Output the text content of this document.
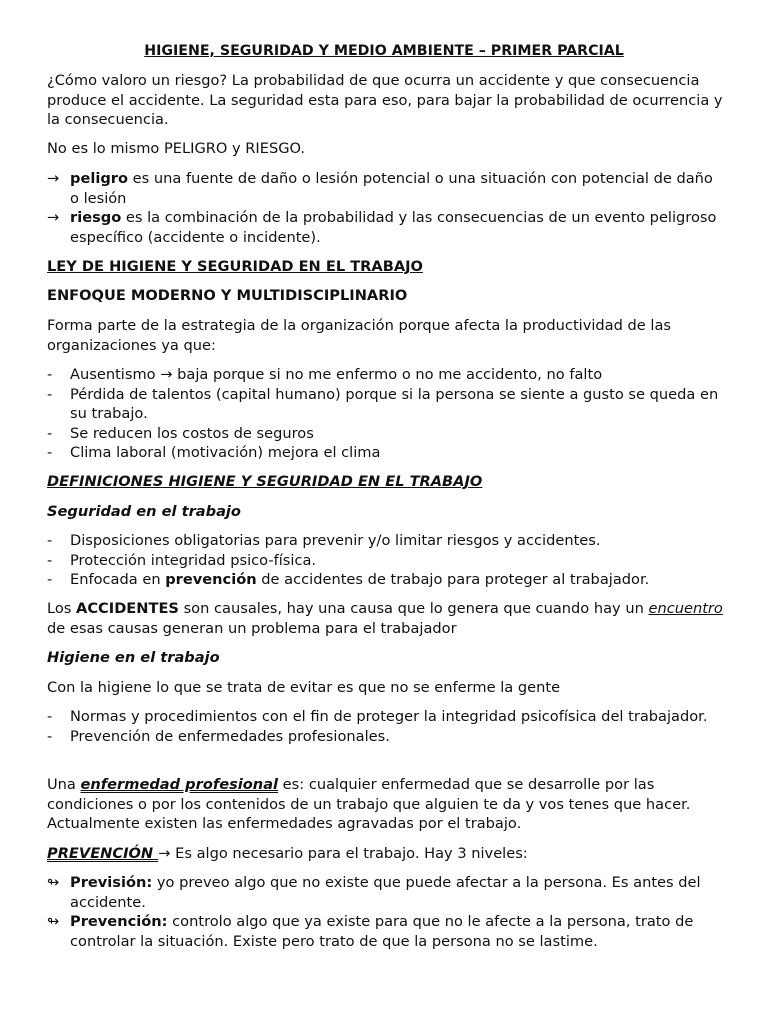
HIGIENE, SEGURIDAD Y MEDIO AMBIENTE – PRIMER PARCIAL

¿Cómo valoro un riesgo? La probabilidad de que ocurra un accidente y que consecuencia produce el accidente. La seguridad esta para eso, para bajar la probabilidad de ocurrencia y la consecuencia.

No es lo mismo PELIGRO y RIESGO.

→ peligro es una fuente de daño o lesión potencial o una situación con potencial de daño o lesión
→ riesgo es la combinación de la probabilidad y las consecuencias de un evento peligroso específico (accidente o incidente).

LEY DE HIGIENE Y SEGURIDAD EN EL TRABAJO

ENFOQUE MODERNO Y MULTIDISCIPLINARIO

Forma parte de la estrategia de la organización porque afecta la productividad de las organizaciones ya que:

- Ausentismo → baja porque si no me enfermo o no me accidento, no falto
- Pérdida de talentos (capital humano) porque si la persona se siente a gusto se queda en su trabajo.
- Se reducen los costos de seguros
- Clima laboral (motivación) mejora el clima

DEFINICIONES HIGIENE Y SEGURIDAD EN EL TRABAJO

Seguridad en el trabajo

- Disposiciones obligatorias para prevenir y/o limitar riesgos y accidentes.
- Protección integridad psico-física.
- Enfocada en prevención de accidentes de trabajo para proteger al trabajador.

Los ACCIDENTES son causales, hay una causa que lo genera que cuando hay un encuentro de esas causas generan un problema para el trabajador

Higiene en el trabajo

Con la higiene lo que se trata de evitar es que no se enferme la gente

- Normas y procedimientos con el fin de proteger la integridad psicofísica del trabajador.
- Prevención de enfermedades profesionales.

Una enfermedad profesional es: cualquier enfermedad que se desarrolle por las condiciones o por los contenidos de un trabajo que alguien te da y vos tenes que hacer. Actualmente existen las enfermedades agravadas por el trabajo.

PREVENCIÓN → Es algo necesario para el trabajo. Hay 3 niveles:

↬ Previsión: yo preveo algo que no existe que puede afectar a la persona. Es antes del accidente.
↬ Prevención: controlo algo que ya existe para que no le afecte a la persona, trato de controlar la situación. Existe pero trato de que la persona no se lastime.
